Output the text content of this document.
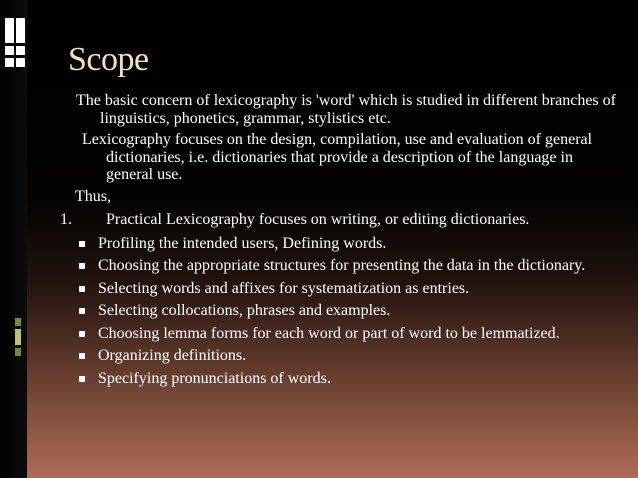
Scope

The basic concern of lexicography is 'word' which is studied in different branches of linguistics, phonetics, grammar, stylistics etc.

Lexicography focuses on the design, compilation, use and evaluation of general dictionaries, i.e. dictionaries that provide a description of the language in general use.

Thus,

1. Practical Lexicography focuses on writing, or editing dictionaries.
Profiling the intended users, Defining words.
Choosing the appropriate structures for presenting the data in the dictionary.
Selecting words and affixes for systematization as entries.
Selecting collocations, phrases and examples.
Choosing lemma forms for each word or part of word to be lemmatized.
Organizing definitions.
Specifying pronunciations of words.
